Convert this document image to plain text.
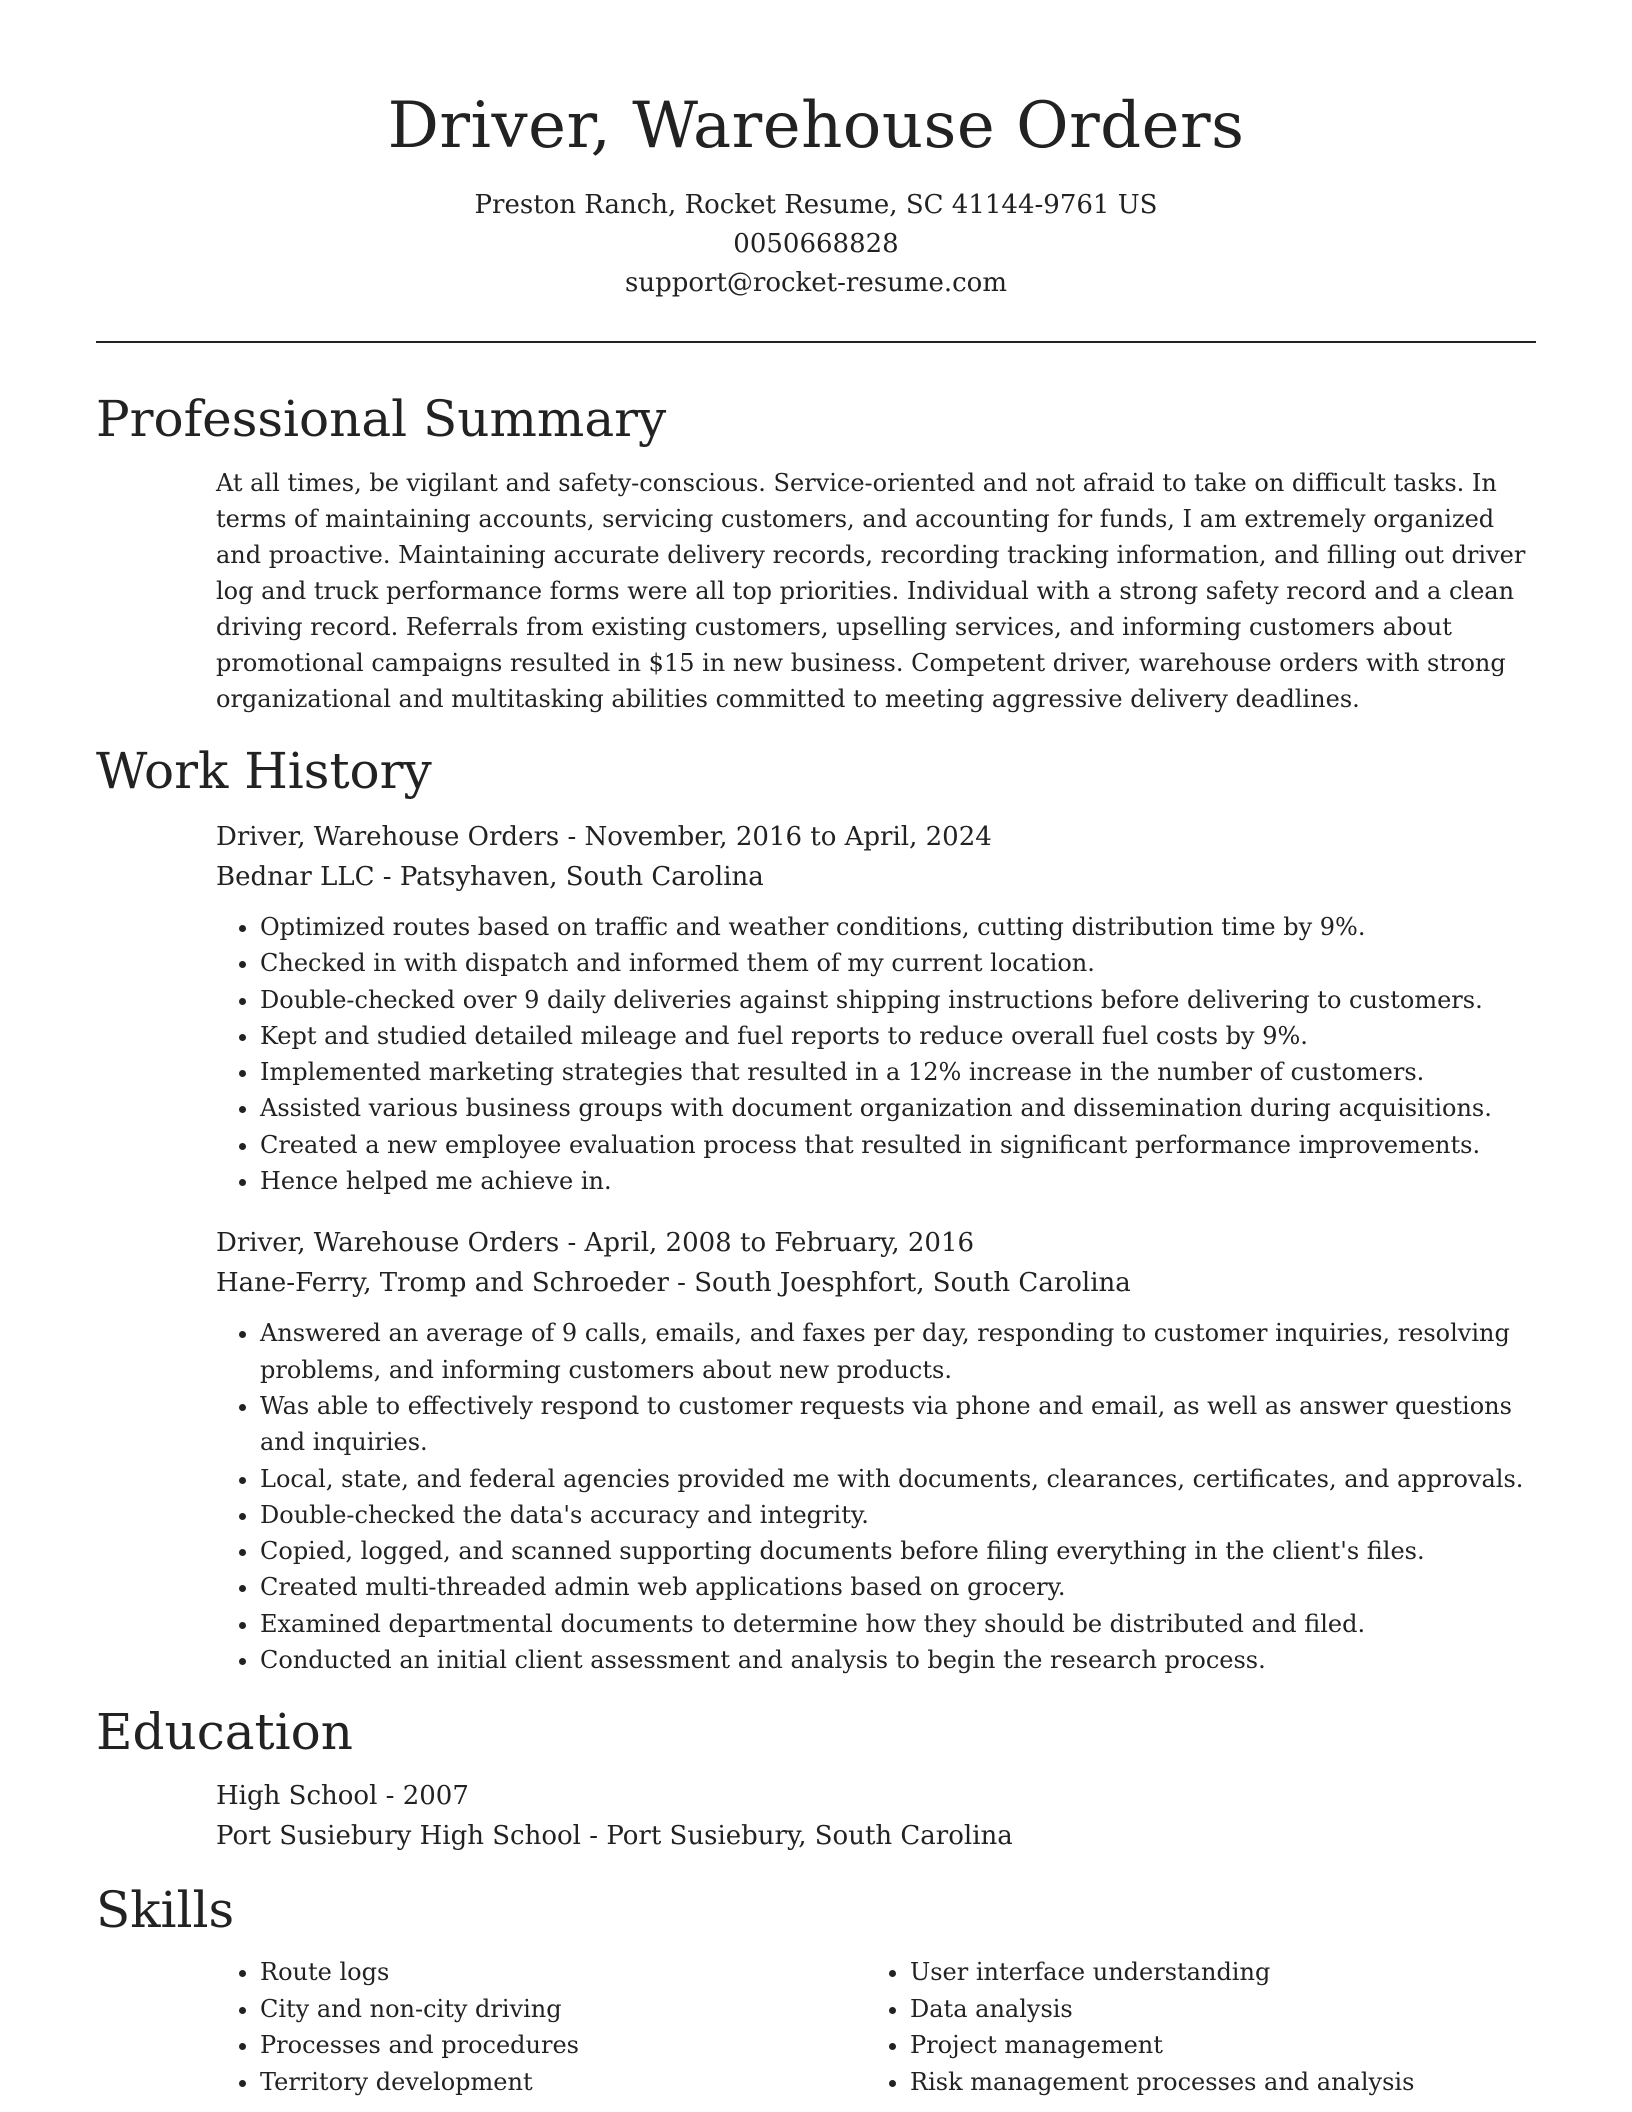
Driver, Warehouse Orders
Preston Ranch, Rocket Resume, SC 41144-9761 US
0050668828
support@rocket-resume.com
Professional Summary
At all times, be vigilant and safety-conscious. Service-oriented and not afraid to take on difficult tasks. In terms of maintaining accounts, servicing customers, and accounting for funds, I am extremely organized and proactive. Maintaining accurate delivery records, recording tracking information, and filling out driver log and truck performance forms were all top priorities. Individual with a strong safety record and a clean driving record. Referrals from existing customers, upselling services, and informing customers about promotional campaigns resulted in $15 in new business. Competent driver, warehouse orders with strong organizational and multitasking abilities committed to meeting aggressive delivery deadlines.
Work History
Driver, Warehouse Orders - November, 2016 to April, 2024
Bednar LLC - Patsyhaven, South Carolina
• Optimized routes based on traffic and weather conditions, cutting distribution time by 9%.
• Checked in with dispatch and informed them of my current location.
• Double-checked over 9 daily deliveries against shipping instructions before delivering to customers.
• Kept and studied detailed mileage and fuel reports to reduce overall fuel costs by 9%.
• Implemented marketing strategies that resulted in a 12% increase in the number of customers.
• Assisted various business groups with document organization and dissemination during acquisitions.
• Created a new employee evaluation process that resulted in significant performance improvements.
• Hence helped me achieve in.
Driver, Warehouse Orders - April, 2008 to February, 2016
Hane-Ferry, Tromp and Schroeder - South Joesphfort, South Carolina
• Answered an average of 9 calls, emails, and faxes per day, responding to customer inquiries, resolving problems, and informing customers about new products.
• Was able to effectively respond to customer requests via phone and email, as well as answer questions and inquiries.
• Local, state, and federal agencies provided me with documents, clearances, certificates, and approvals.
• Double-checked the data's accuracy and integrity.
• Copied, logged, and scanned supporting documents before filing everything in the client's files.
• Created multi-threaded admin web applications based on grocery.
• Examined departmental documents to determine how they should be distributed and filed.
• Conducted an initial client assessment and analysis to begin the research process.
Education
High School - 2007
Port Susiebury High School - Port Susiebury, South Carolina
Skills
• Route logs
• City and non-city driving
• Processes and procedures
• Territory development
• User interface understanding
• Data analysis
• Project management
• Risk management processes and analysis
